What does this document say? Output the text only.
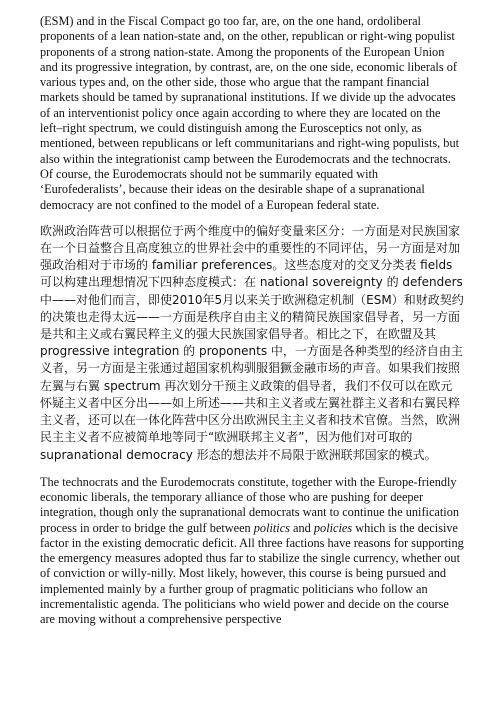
(ESM) and in the Fiscal Compact go too far, are, on the one hand, ordoliberal proponents of a lean nation-state and, on the other, republican or right-wing populist proponents of a strong nation-state. Among the proponents of the European Union and its progressive integration, by contrast, are, on the one side, economic liberals of various types and, on the other side, those who argue that the rampant financial markets should be tamed by supranational institutions. If we divide up the advocates of an interventionist policy once again according to where they are located on the left–right spectrum, we could distinguish among the Eurosceptics not only, as mentioned, between republicans or left communitarians and right-wing populists, but also within the integrationist camp between the Eurodemocrats and the technocrats. Of course, the Eurodemocrats should not be summarily equated with ‘Eurofederalists’, because their ideas on the desirable shape of a supranational democracy are not confined to the model of a European federal state.

欧洲政治阵营可以根据位于两个维度中的偏好变量来区分：一方面是对民族国家在一个日益整合且高度独立的世界社会中的重要性的不同评估，另一方面是对加强政治相对于市场的 familiar preferences。这些态度对的交叉分类表 fields 可以构建出理想情况下四种态度模式：在 national sovereignty 的 defenders 中——对他们而言，即使2010年5月以来关于欧洲稳定机制（ESM）和财政契约的决策也走得太远——一方面是秩序自由主义的精简民族国家倡导者，另一方面是共和主义或右翼民粹主义的强大民族国家倡导者。相比之下，在欧盟及其 progressive integration 的 proponents 中，一方面是各种类型的经济自由主义者，另一方面是主张通过超国家机构驯服猖獗金融市场的声音。如果我们按照左翼与右翼 spectrum 再次划分干预主义政策的倡导者，我们不仅可以在欧元怀疑主义者中区分出——如上所述——共和主义者或左翼社群主义者和右翼民粹主义者，还可以在一体化阵营中区分出欧洲民主主义者和技术官僚。当然，欧洲民主主义者不应被简单地等同于“欧洲联邦主义者”，因为他们对可取的 supranational democracy 形态的想法并不局限于欧洲联邦国家的模式。

The technocrats and the Eurodemocrats constitute, together with the Europe-friendly economic liberals, the temporary alliance of those who are pushing for deeper integration, though only the supranational democrats want to continue the unification process in order to bridge the gulf between politics and policies which is the decisive factor in the existing democratic deficit. All three factions have reasons for supporting the emergency measures adopted thus far to stabilize the single currency, whether out of conviction or willy-nilly. Most likely, however, this course is being pursued and implemented mainly by a further group of pragmatic politicians who follow an incrementalistic agenda. The politicians who wield power and decide on the course are moving without a comprehensive perspective
